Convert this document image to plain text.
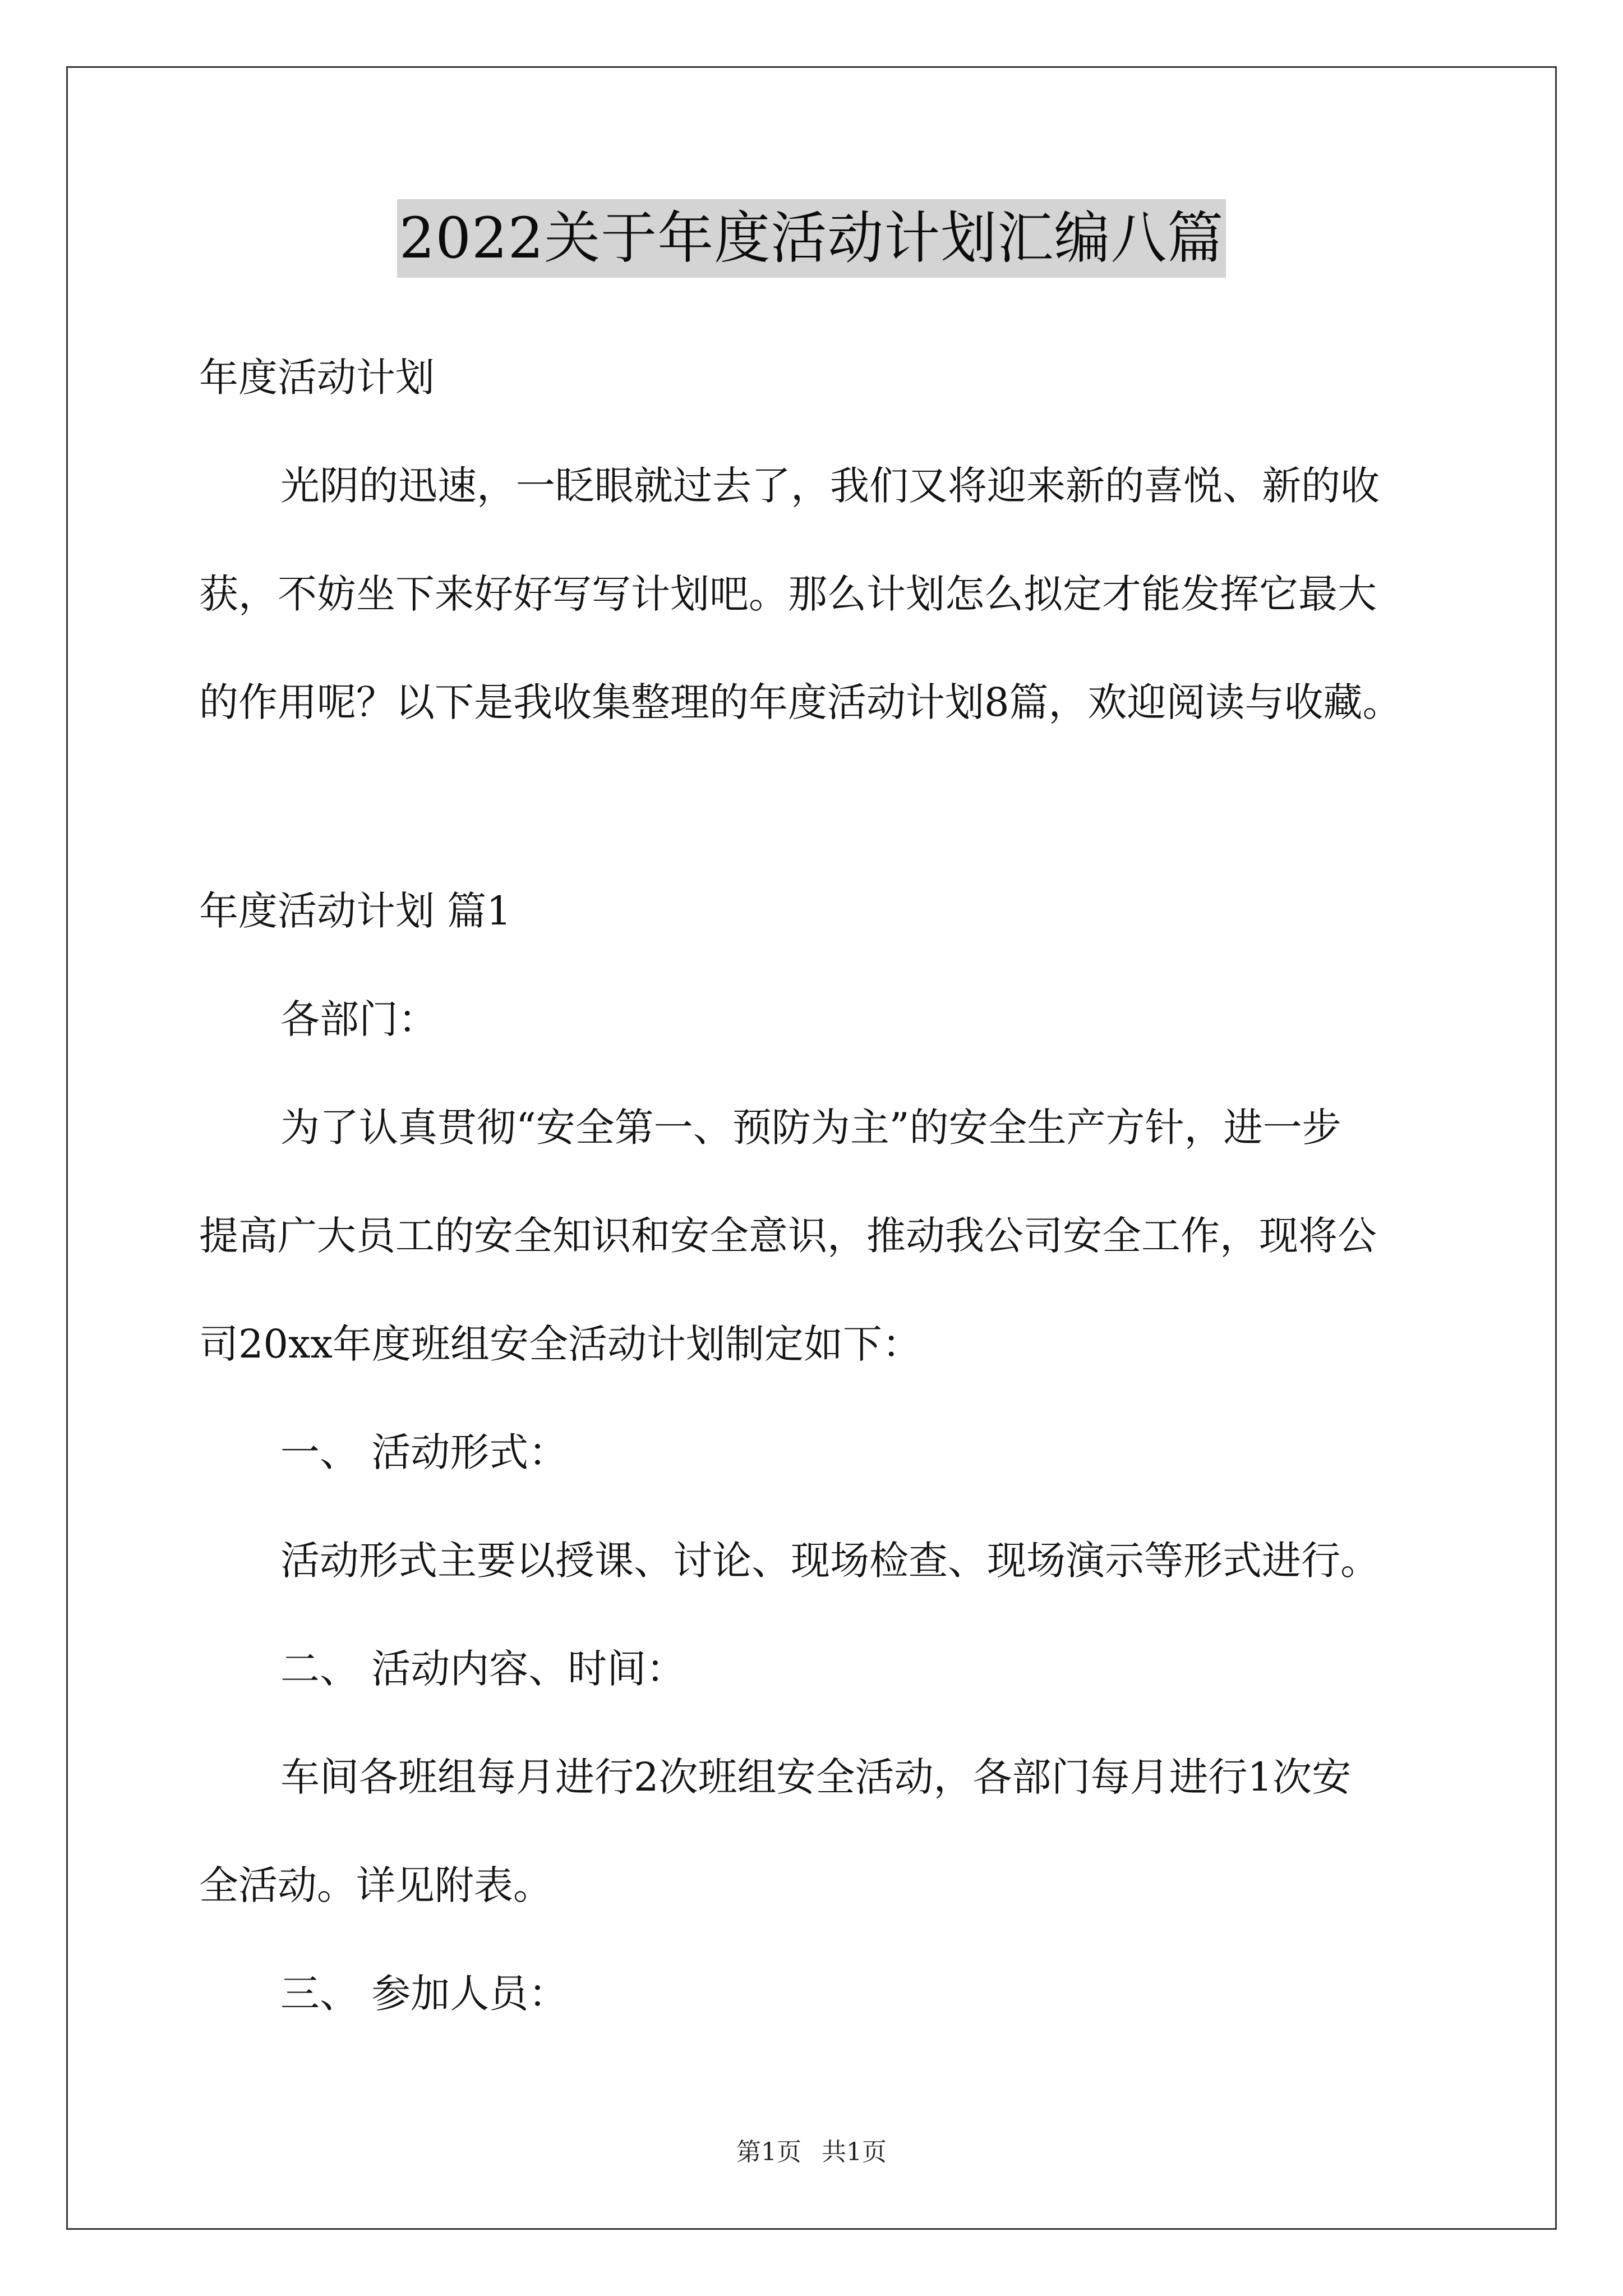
2022关于年度活动计划汇编八篇
年度活动计划
光阴的迅速，一眨眼就过去了，我们又将迎来新的喜悦、新的收
获，不妨坐下来好好写写计划吧。那么计划怎么拟定才能发挥它最大
的作用呢？以下是我收集整理的年度活动计划8篇，欢迎阅读与收藏。
年度活动计划 篇1
各部门：
为了认真贯彻“安全第一、预防为主”的安全生产方针，进一步
提高广大员工的安全知识和安全意识，推动我公司安全工作，现将公
司20xx年度班组安全活动计划制定如下：
一、 活动形式：
活动形式主要以授课、讨论、现场检查、现场演示等形式进行。
二、 活动内容、时间：
车间各班组每月进行2次班组安全活动，各部门每月进行1次安
全活动。详见附表。
三、 参加人员：
第1页 共1页
